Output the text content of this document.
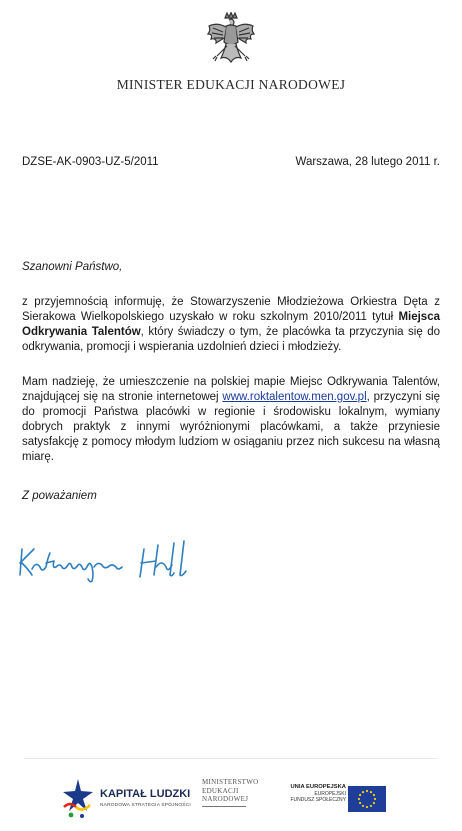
MINISTER EDUKACJI NARODOWEJ
DZSE-AK-0903-UZ-5/2011	Warszawa, 28 lutego 2011 r.
Szanowni Państwo,

z przyjemnością informuję, że Stowarzyszenie Młodzieżowa Orkiestra Dęta z Sierakowa Wielkopolskiego uzyskało w roku szkolnym 2010/2011 tytuł Miejsca Odkrywania Talentów, który świadczy o tym, że placówka ta przyczynia się do odkrywania, promocji i wspierania uzdolnień dzieci i młodzieży.

Mam nadzieję, że umieszczenie na polskiej mapie Miejsc Odkrywania Talentów, znajdującej się na stronie internetowej www.roktalentow.men.gov.pl, przyczyni się do promocji Państwa placówki w regionie i środowisku lokalnym, wymiany dobrych praktyk z innymi wyróżnionymi placówkami, a także przyniesie satysfakcję z pomocy młodym ludziom w osiąganiu przez nich sukcesu na własną miarę.

Z poważaniem
KAPITAŁ LUDZKI
NARODOWA STRATEGIA SPÓJNOŚCI
MINISTERSTWO
EDUKACJI
NARODOWEJ
UNIA EUROPEJSKA
EUROPEJSKI
FUNDUSZ SPOŁECZNY
